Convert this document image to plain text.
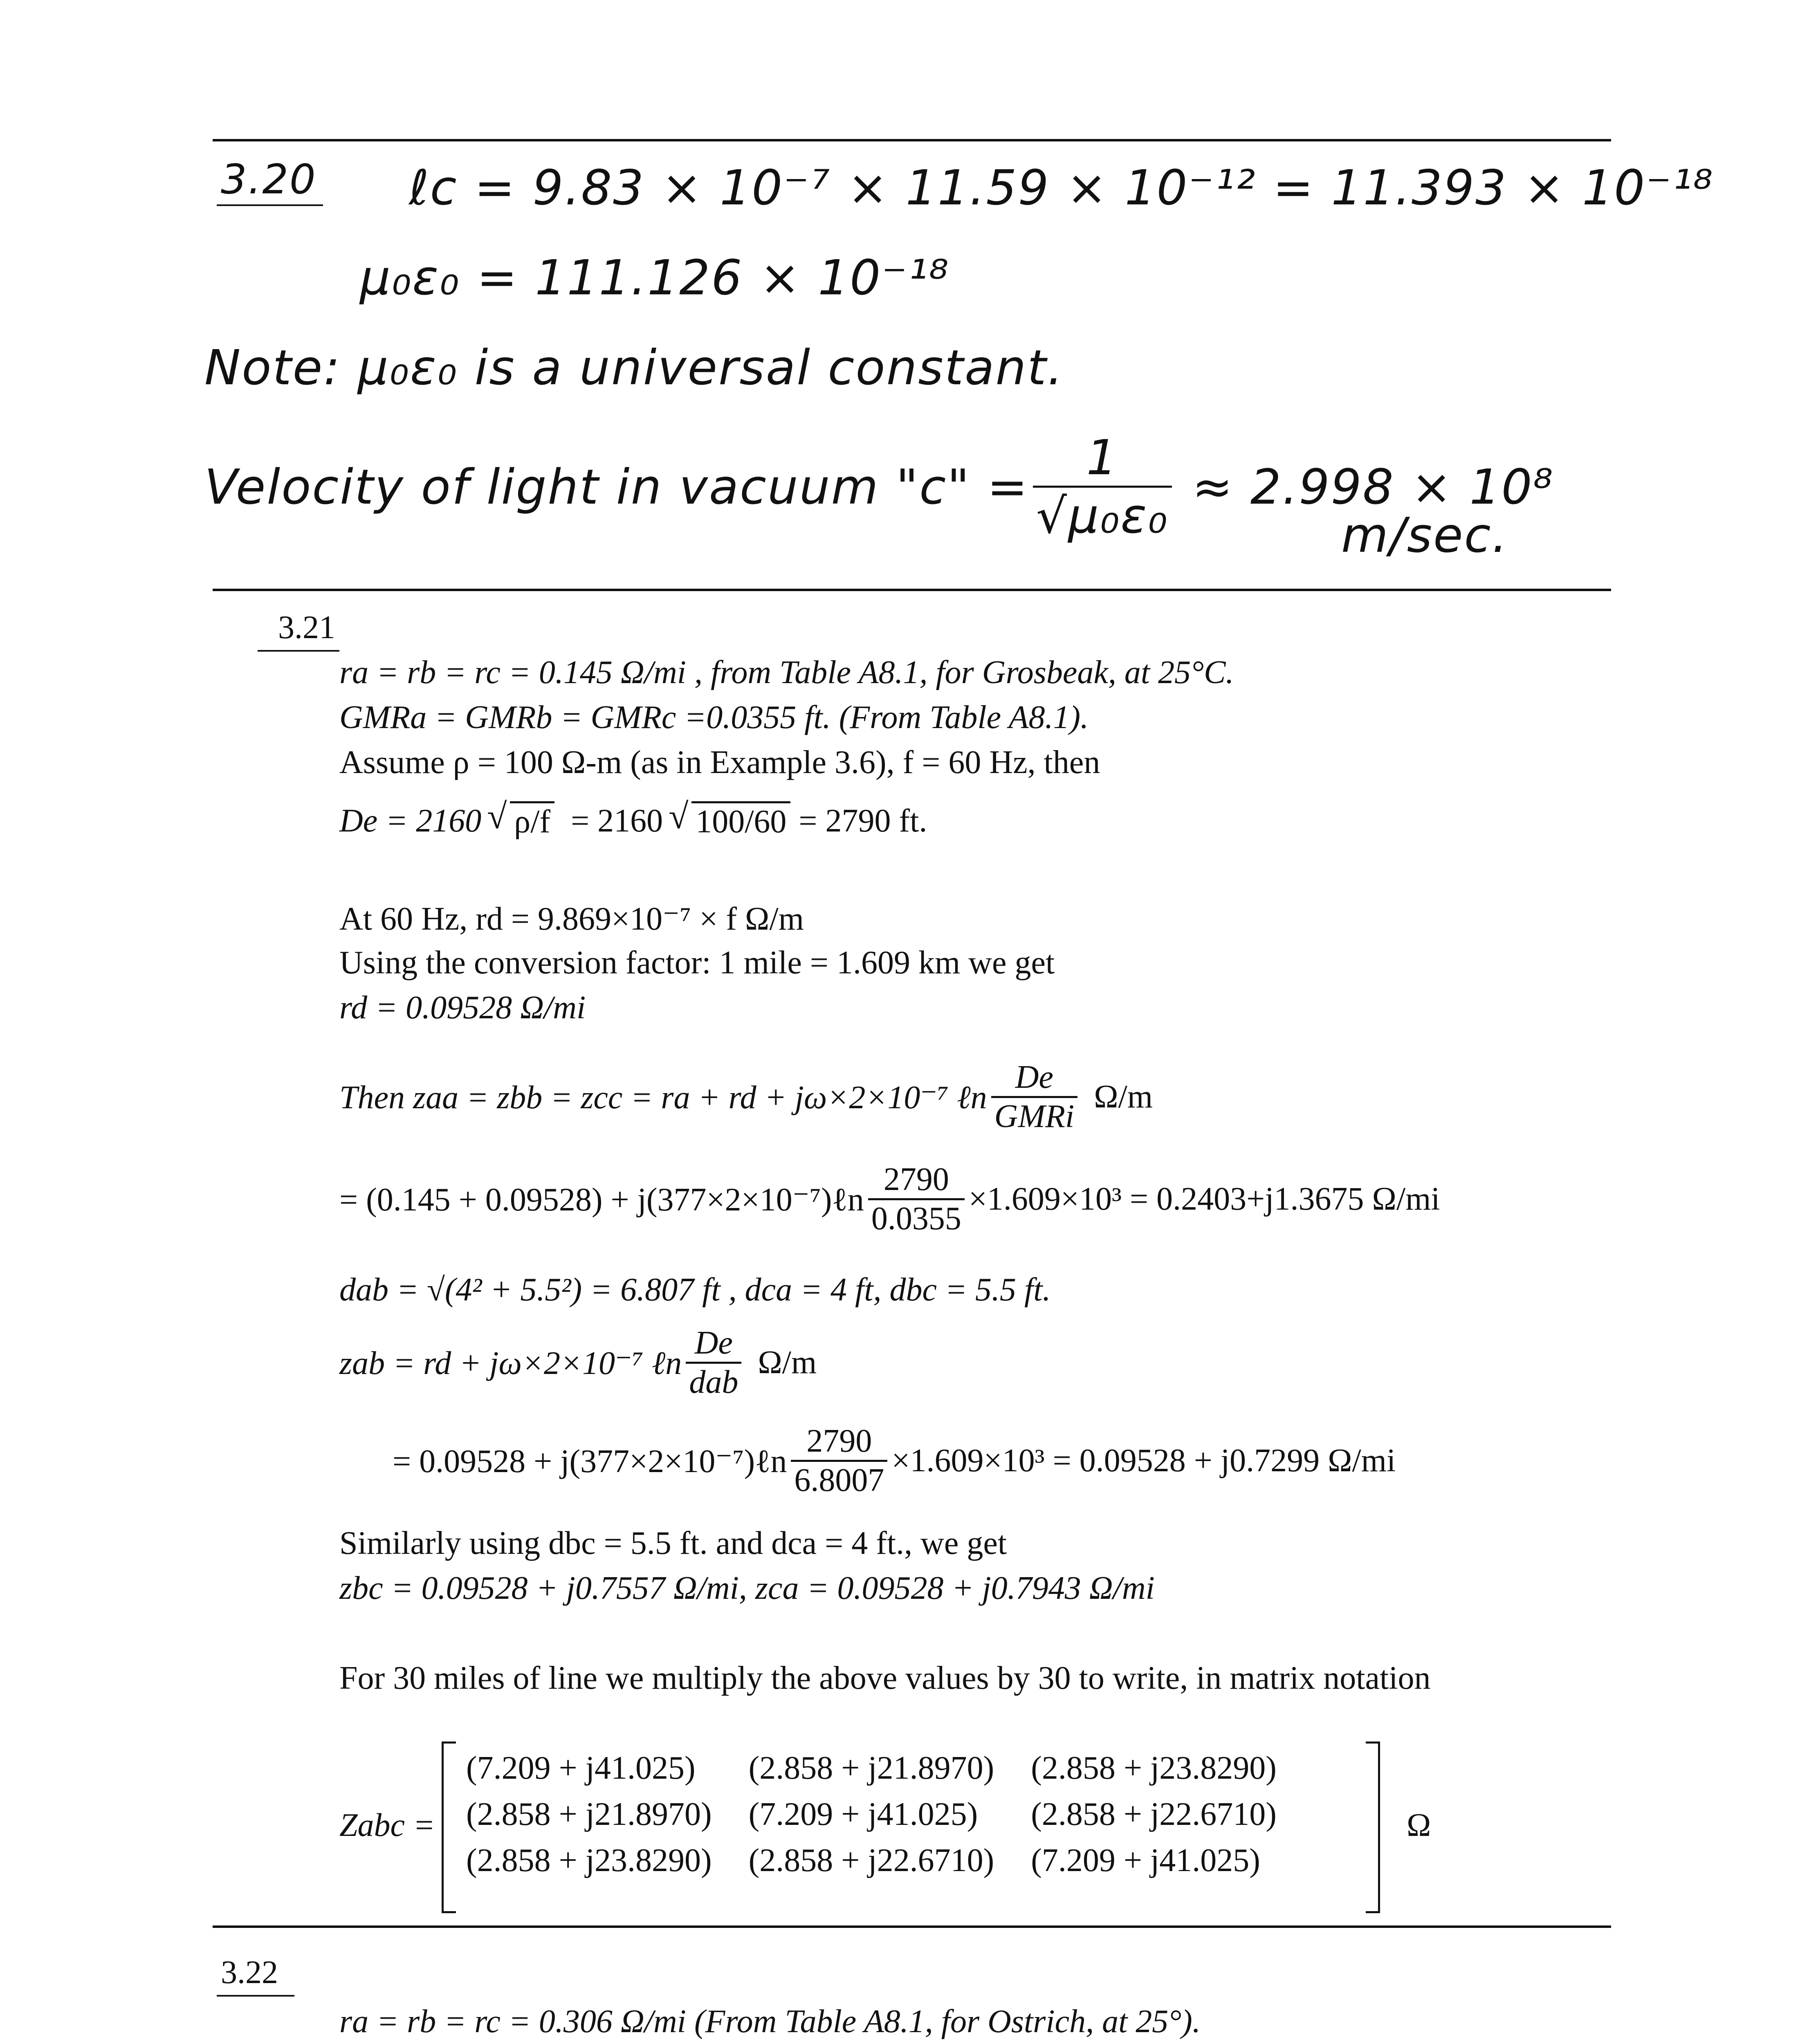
3.20 ℓc = 9.83 × 10⁻⁷ × 11.59 × 10⁻¹² = 11.393 × 10⁻¹⁸
μ₀ε₀ = 111.126 × 10⁻¹⁸
Note: μ₀ε₀ is a universal constant.
Velocity of light in vacuum "c" = $\frac{1}{\text{√μ₀ε₀}} \approx 2.998 \times 10^8$
m/sec.
3.21
ra = rb = rc = 0.145 Ω/mi , from Table A8.1, for Grosbeak, at 25°C.
GMRa = GMRb = GMRc =0.0355 ft. (From Table A8.1).
Assume ρ = 100 Ω-m (as in Example 3.6), f = 60 Hz, then
De = 2160 √ ρ/f = 2160 √ 100/60 = 2790 ft.
At 60 Hz, rd = 9.869×10⁻⁷ × f Ω/m
Using the conversion factor: 1 mile = 1.609 km we get
rd = 0.09528 Ω/mi
Then zaa = zbb = zcc = ra + rd + jω×2×10⁻⁷ ℓn $\frac{De}{\text{GMRi}} \Omega/m$
= (0.145 + 0.09528) + j(377×2×10⁻⁷)ℓn $\frac{2790}{0.0355} \times 1.609\times 10^3 = 0.2403+j1.3675$ Ω/mi
dab = √(4² + 5.5²) = 6.807 ft , dca = 4 ft, dbc = 5.5 ft.
zab = rd + jω×2×10⁻⁷ ℓn $\frac{De}{\text{dab}} \Omega/m$
= 0.09528 + j(377×2×10⁻⁷)ℓn $\frac{2790}{6.8007} \times 1.609\times 10^3 = 0.09528 + j0.7299$ Ω/mi
Similarly using dbc = 5.5 ft. and dca = 4 ft., we get
zbc = 0.09528 + j0.7557 Ω/mi, zca = 0.09528 + j0.7943 Ω/mi
For 30 miles of line we multiply the above values by 30 to write, in matrix notation
Zabc =
(7.209 + j41.025)	(2.858 + j21.8970) (2.858 + j23.8290)
(2.858 + j21.8970) (7.209 + j41.025)	(2.858 + j22.6710)
(2.858 + j23.8290) (2.858 + j22.6710) (7.209 + j41.025)
Ω
3.22
ra = rb = rc = 0.306 Ω/mi (From Table A8.1, for Ostrich, at 25°).
